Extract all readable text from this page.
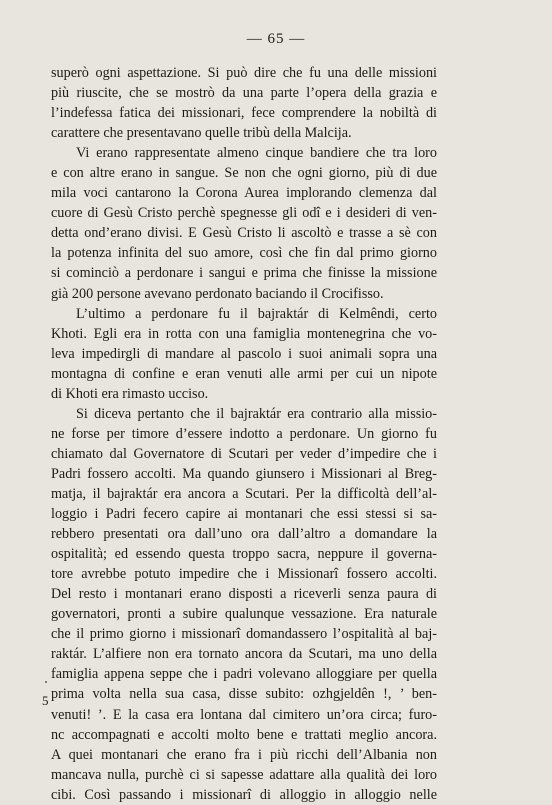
— 65 —
superò ogni aspettazione. Si può dire che fu una delle missioni
più riuscite, che se mostrò da una parte l’opera della grazia e
l’indefessa fatica dei missionari, fece comprendere la nobiltà di
carattere che presentavano quelle tribù della Malcija.
Vi erano rappresentate almeno cinque bandiere che tra loro
e con altre erano in sangue. Se non che ogni giorno, più di due
mila voci cantarono la Corona Aurea implorando clemenza dal
cuore di Gesù Cristo perchè spegnesse gli odî e i desideri di ven-
detta ond’erano divisi. E Gesù Cristo li ascoltò e trasse a sè con
la potenza infinita del suo amore, così che fin dal primo giorno
si cominciò a perdonare i sangui e prima che finisse la missione
già 200 persone avevano perdonato baciando il Crocifisso.
L’ultimo a perdonare fu il bajraktár di Kelmêndi, certo
Khoti. Egli era in rotta con una famiglia montenegrina che vo-
leva impedirgli di mandare al pascolo i suoi animali sopra una
montagna di confine e eran venuti alle armi per cui un nipote
di Khoti era rimasto ucciso.
Si diceva pertanto che il bajraktár era contrario alla missio-
ne forse per timore d’essere indotto a perdonare. Un giorno fu
chiamato dal Governatore di Scutari per veder d’impedire che i
Padri fossero accolti. Ma quando giunsero i Missionari al Breg-
matja, il bajraktár era ancora a Scutari. Per la difficoltà dell’al-
loggio i Padri fecero capire ai montanari che essi stessi si sa-
rebbero presentati ora dall’uno ora dall’altro a domandare la
ospitalità; ed essendo questa troppo sacra, neppure il governa-
tore avrebbe potuto impedire che i Missionarî fossero accolti.
Del resto i montanari erano disposti a riceverli senza paura di
governatori, pronti a subire qualunque vessazione. Era naturale
che il primo giorno i missionarî domandassero l’ospitalità al baj-
raktár. L’alfiere non era tornato ancora da Scutari, ma uno della
famiglia appena seppe che i padri volevano alloggiare per quella
prima volta nella sua casa, disse subito: ozhgjeldên !, ’ ben-
venuti! ’. E la casa era lontana dal cimitero un’ora circa; furo-
nc accompagnati e accolti molto bene e trattati meglio ancora.
A quei montanari che erano fra i più ricchi dell’Albania non
mancava nulla, purchè ci si sapesse adattare alla qualità dei loro
cibi. Così passando i missionarî di alloggio in alloggio nelle
5
